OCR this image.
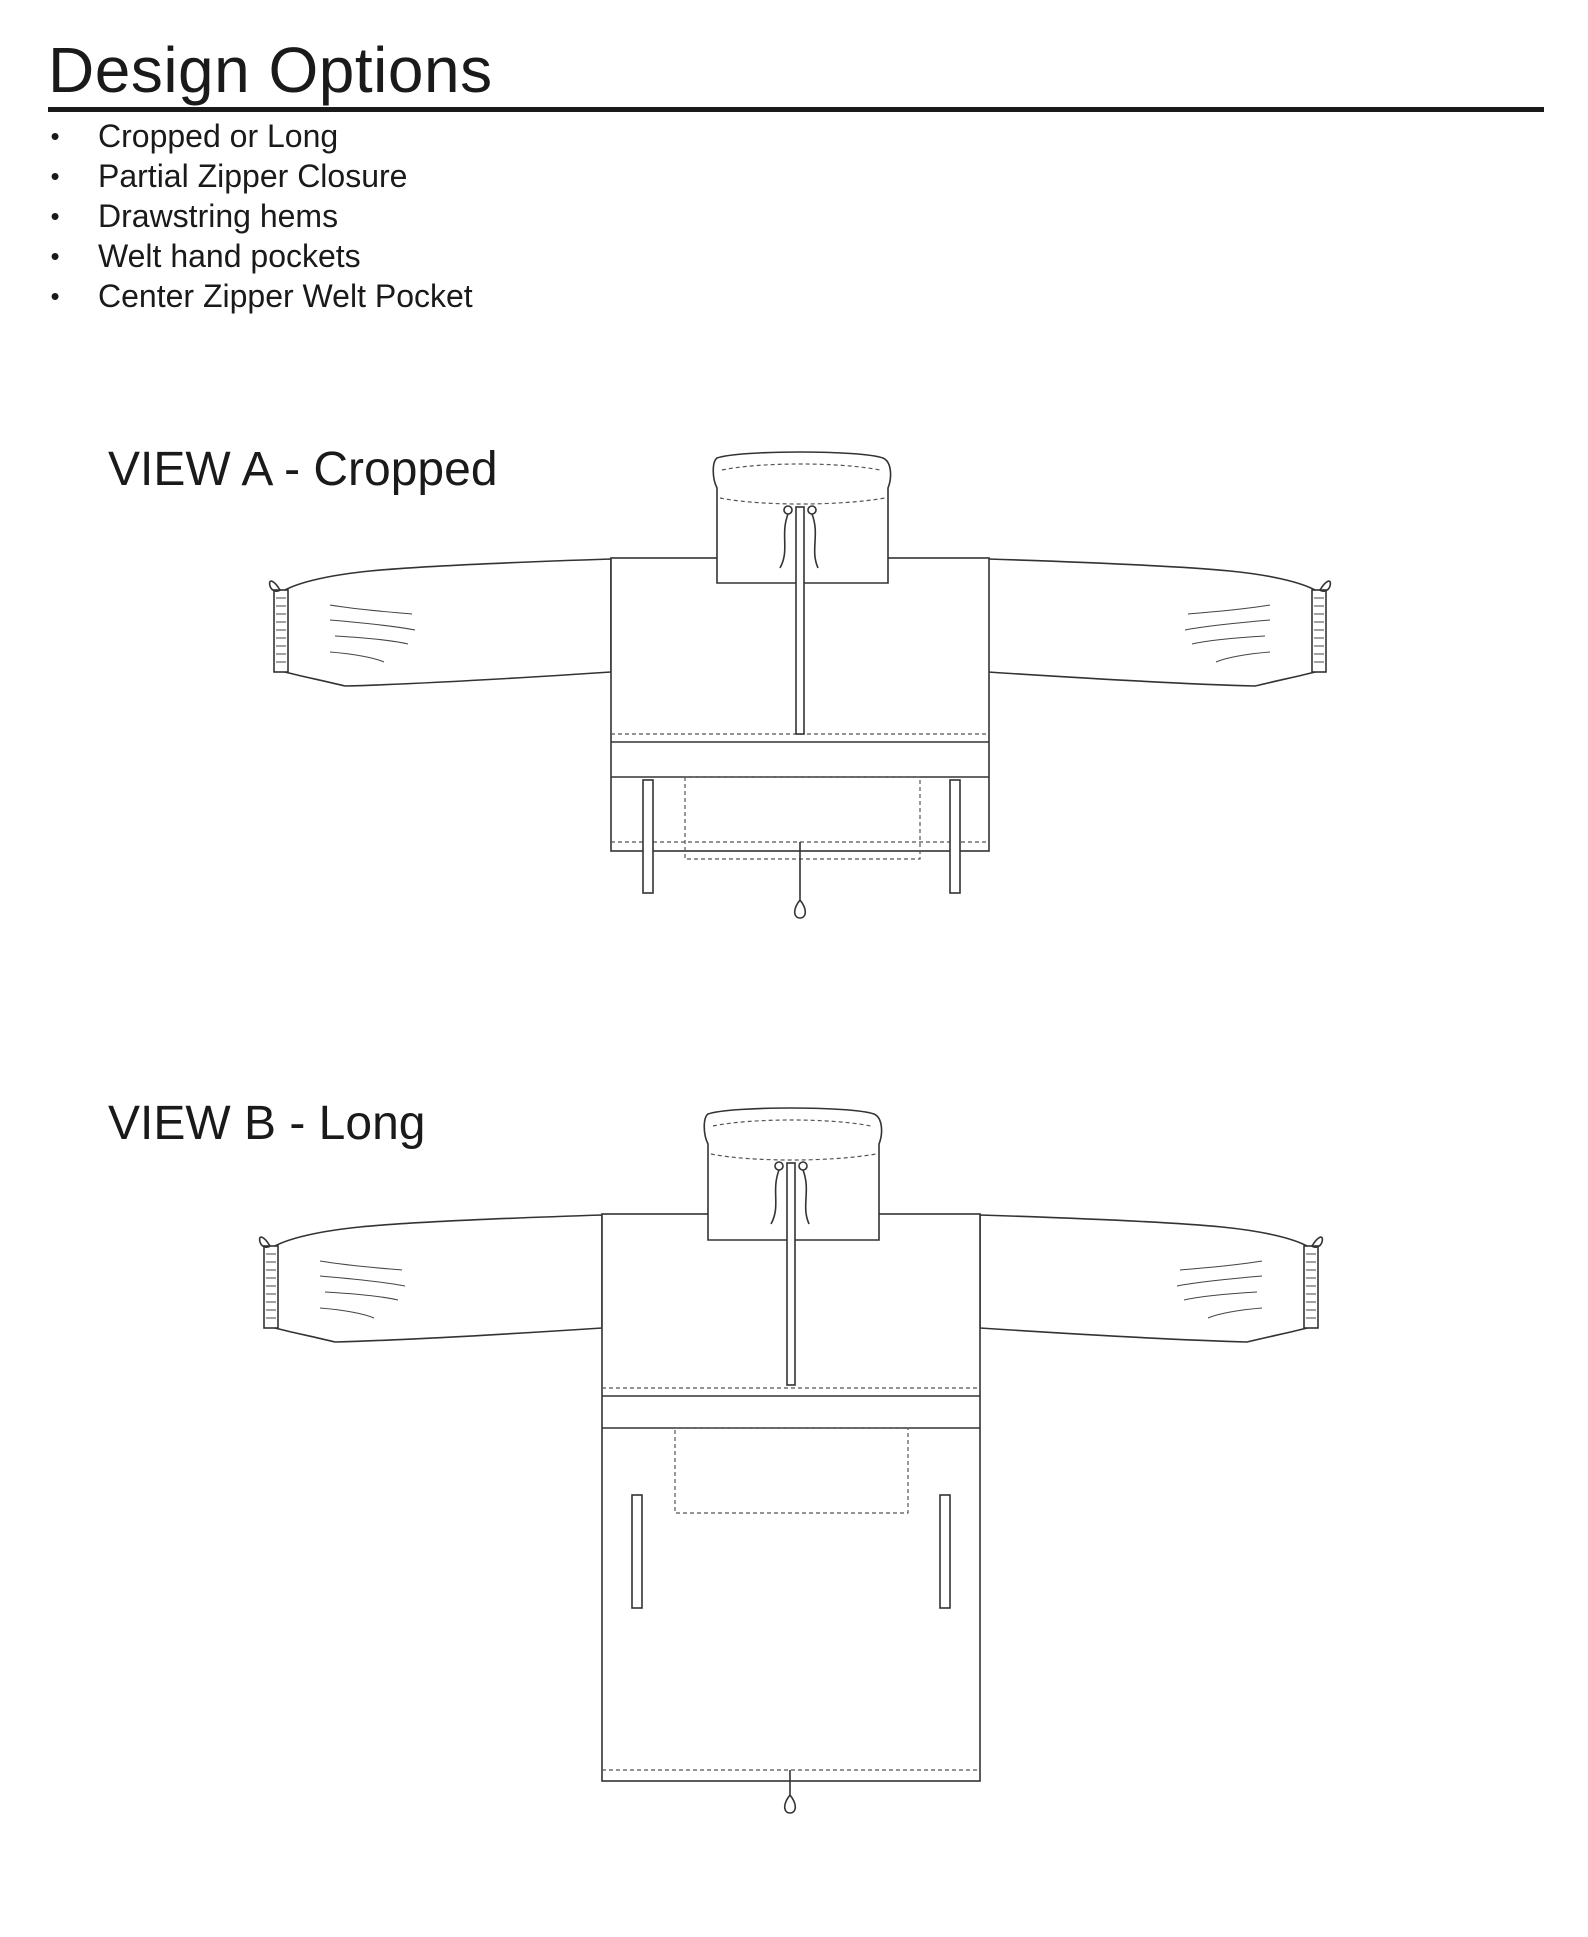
Design Options
• Cropped or Long
• Partial Zipper Closure
• Drawstring hems
• Welt hand pockets
• Center Zipper Welt Pocket
VIEW A - Cropped
VIEW B - Long
